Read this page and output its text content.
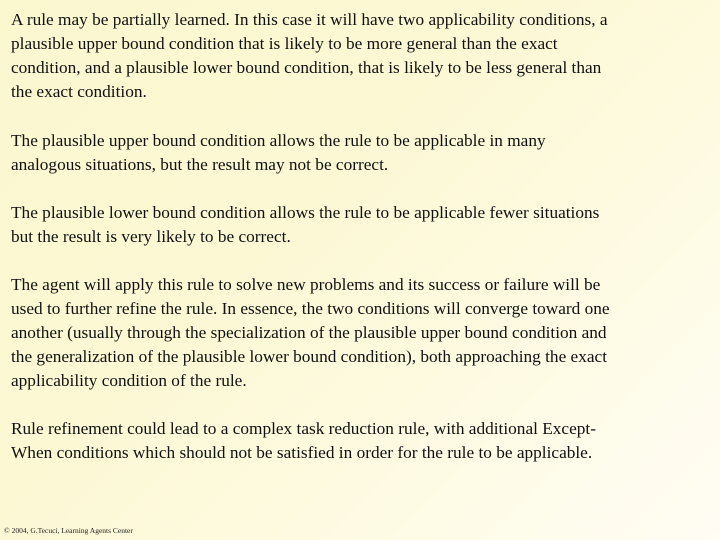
A rule may be partially learned. In this case it will have two applicability conditions, a
plausible upper bound condition that is likely to be more general than the exact
condition, and a plausible lower bound condition, that is likely to be less general than
the exact condition.

The plausible upper bound condition allows the rule to be applicable in many
analogous situations, but the result may not be correct.

The plausible lower bound condition allows the rule to be applicable fewer situations
but the result is very likely to be correct.

The agent will apply this rule to solve new problems and its success or failure will be
used to further refine the rule. In essence, the two conditions will converge toward one
another (usually through the specialization of the plausible upper bound condition and
the generalization of the plausible lower bound condition), both approaching the exact
applicability condition of the rule.

Rule refinement could lead to a complex task reduction rule, with additional Except-
When conditions which should not be satisfied in order for the rule to be applicable.

© 2004, G.Tecuci, Learning Agents Center
